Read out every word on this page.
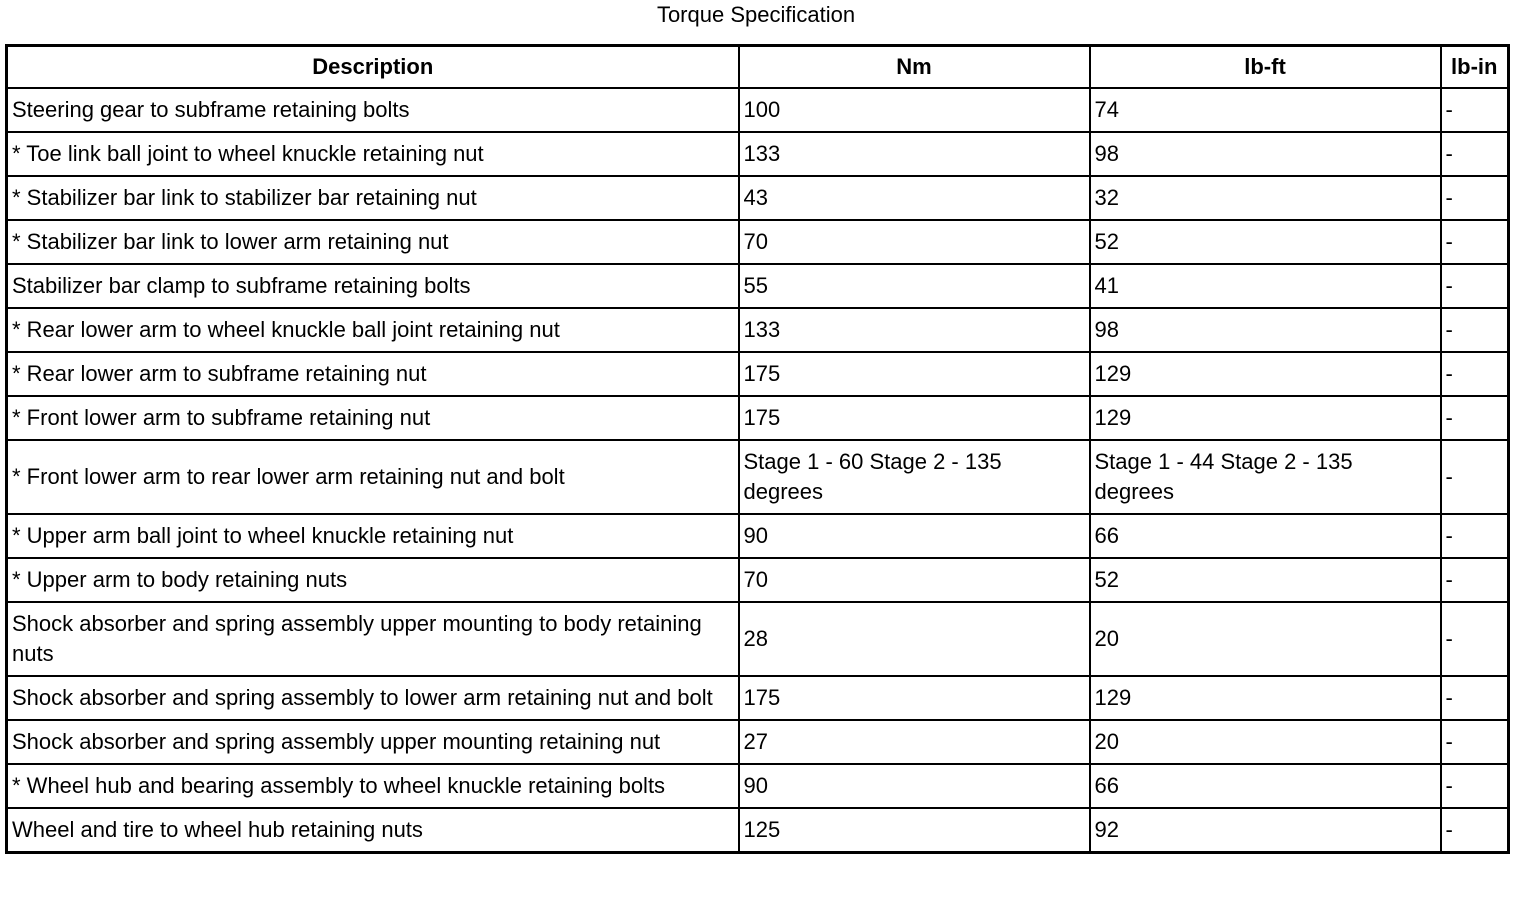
Torque Specification
Description	Nm	lb-ft	lb-in
Steering gear to subframe retaining bolts	100	74	-
* Toe link ball joint to wheel knuckle retaining nut	133	98	-
* Stabilizer bar link to stabilizer bar retaining nut	43	32	-
* Stabilizer bar link to lower arm retaining nut	70	52	-
Stabilizer bar clamp to subframe retaining bolts	55	41	-
* Rear lower arm to wheel knuckle ball joint retaining nut	133	98	-
* Rear lower arm to subframe retaining nut	175	129	-
* Front lower arm to subframe retaining nut	175	129	-
* Front lower arm to rear lower arm retaining nut and bolt	Stage 1 - 60 Stage 2 - 135 degrees	Stage 1 - 44 Stage 2 - 135 degrees	-
* Upper arm ball joint to wheel knuckle retaining nut	90	66	-
* Upper arm to body retaining nuts	70	52	-
Shock absorber and spring assembly upper mounting to body retaining nuts	28	20	-
Shock absorber and spring assembly to lower arm retaining nut and bolt	175	129	-
Shock absorber and spring assembly upper mounting retaining nut	27	20	-
* Wheel hub and bearing assembly to wheel knuckle retaining bolts	90	66	-
Wheel and tire to wheel hub retaining nuts	125	92	-
